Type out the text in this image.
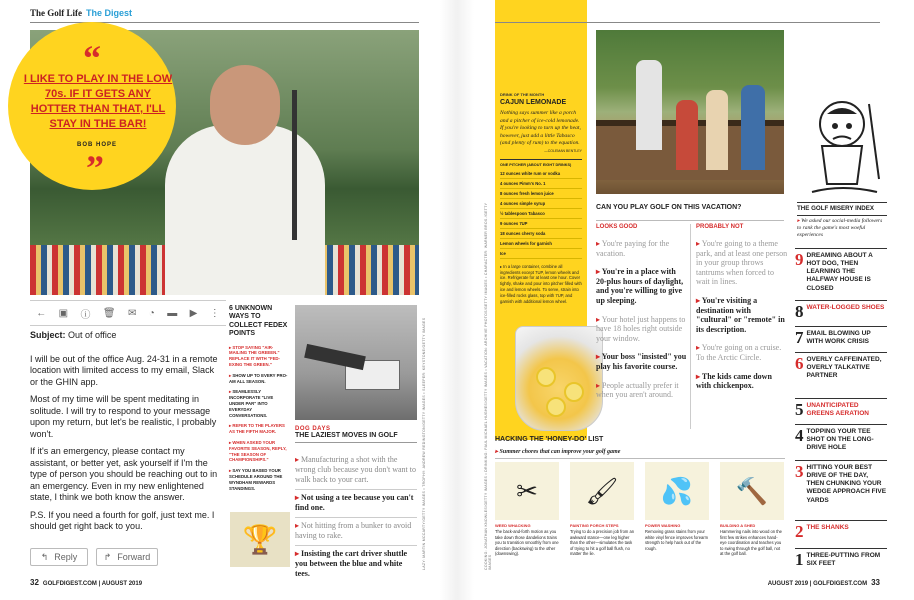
The Golf Life The Digest
“
I LIKE TO PLAY IN THE LOW 70s. IF IT GETS ANY HOTTER THAN THAT, I'LL STAY IN THE BAR!
BOB HOPE
”
← ▣ ⓘ 🗑 ✉ ◔ ▬ ▶ ⋮
Subject: Out of office

I will be out of the office Aug. 24-31 in a remote location with limited access to my email, Slack or the GHIN app.

Most of my time will be spent meditating in solitude. I will try to respond to your message upon my return, but let's be realistic, I probably won't.

If it's an emergency, please contact my assistant, or better yet, ask yourself if I'm the type of person you should be reaching out to in an emergency. Even in my new enlightened state, I think we both know the answer.

P.S. If you need a fourth for golf, just text me. I should get right back to you.

↰ Reply	↱ Forward
6 UNKNOWN WAYS TO COLLECT FEDEX POINTS
▸ STOP SAYING "AIR-MAILING THE GREEEN." REPLACE IT WITH "FED-EXING THE GREEN."
▸ SHOW UP TO EVERY PRO-AM ALL SEASON.
▸ SEAMLESSLY INCORPORATE "LIVE UNDER PAR" INTO EVERYDAY CONVERSATIONS.
▸ REFER TO THE PLAYERS AS THE FIFTH MAJOR.
▸ WHEN ASKED YOUR FAVORITE SEASON, REPLY, "THE SEASON OF CHAMPIONSHIPS."
▸ SAY YOU BASED YOUR SCHEDULE AROUND THE WYNDHAM REWARDS STANDINGS.
🏆
DOG DAYS
THE LAZIEST MOVES IN GOLF
▸ Manufacturing a shot with the wrong club because you don't want to walk back to your cart.
▸ Not using a tee because you can't find one.
▸ Not hitting from a bunker to avoid having to rake.
▸ Insisting the cart driver shuttle you between the blue and white tees.
LAZY: MARTIN MCCARTY/GETTY IMAGES • TROPHY: ANDREW REDINGTON/GETTY IMAGES • SLEEPER: KEYSTONE/GETTY IMAGES
32 GOLFDIGEST.COM | AUGUST 2019
DRINK OF THE MONTH
CAJUN LEMONADE
Nothing says summer like a porch and a pitcher of ice-cold lemonade. If you're looking to turn up the heat, however, just add a little Tabasco (and plenty of rum) to the equation.
—COLEMAN BENTLEY
ONE PITCHER (ABOUT EIGHT DRINKS)
12 ounces white rum or vodka
4 ounces Pimm's No. 1
8 ounces fresh lemon juice
4 ounces simple syrup
½ tablespoon Tabasco
9 ounces 7UP
18 ounces cherry soda
Lemon wheels for garnish
Ice
▸ In a large container, combine all ingredients except 7UP, lemon wheels and ice. Refrigerate for at least one hour. Cover tightly, shake and pour into pitcher filled with ice and lemon wheels. To serve, strain into ice-filled rocks glass, top with 7UP, and garnish with additional lemon wheel.
COOKING: JONATHAN KNOWLES/GETTY IMAGES • DRINKING: PAUL MICHAEL HUGHES/GETTY IMAGES • VACATION: ARCHIVE PHOTOS/GETTY IMAGES • CHARACTER: WARNER BROS./GETTY IMAGES
CAN YOU PLAY GOLF ON THIS VACATION?
LOOKS GOOD	PROBABLY NOT
▸ You're paying for the vacation.
▸ You're in a place with 20-plus hours of daylight, and you're willing to give up sleeping.
▸ Your hotel just happens to have 18 holes right outside your window.
▸ Your boss "insisted" you play his favorite course.
▸ People actually prefer it when you aren't around.
▸ You're going to a theme park, and at least one person in your group throws tantrums when forced to wait in lines.
▸ You're visiting a destination with "cultural" or "remote" in its description.
▸ You're going on a cruise. To the Arctic Circle.
▸ The kids came down with chickenpox.
HACKING THE 'HONEY-DO' LIST
▸ Summer chores that can improve your golf game
✂
WEED WHACKING
The back-and-forth motion as you take down those dandelions trains you to transition smoothly from one direction (backswing) to the other (downswing).
🖌
PAINTING PORCH STEPS
Trying to do a precision job from an awkward stance—one leg higher than the other—simulates the task of trying to hit a golf ball flush, no matter the lie.
💦
POWER WASHING
Removing grass stains from your white vinyl fence improves forearm strength to help hack out of the rough.
🔨
BUILDING A SHED
Hammering nails into wood on the first few strikes enhances hand-eye coordination and teaches you to swing through the golf ball, not at the golf ball.
THE GOLF MISERY INDEX
▸ We asked our social-media followers to rank the game's most woeful experiences
9 DREAMING ABOUT A HOT DOG, THEN LEARNING THE HALFWAY HOUSE IS CLOSED
8 WATER-LOGGED SHOES
7 EMAIL BLOWING UP WITH WORK CRISIS
6 OVERLY CAFFEINATED, OVERLY TALKATIVE PARTNER
5 UNANTICIPATED GREENS AERATION
4 TOPPING YOUR TEE SHOT ON THE LONG-DRIVE HOLE
3 HITTING YOUR BEST DRIVE OF THE DAY, THEN CHUNKING YOUR WEDGE APPROACH FIVE YARDS
2 THE SHANKS
1 THREE-PUTTING FROM SIX FEET
AUGUST 2019 | GOLFDIGEST.COM 33
